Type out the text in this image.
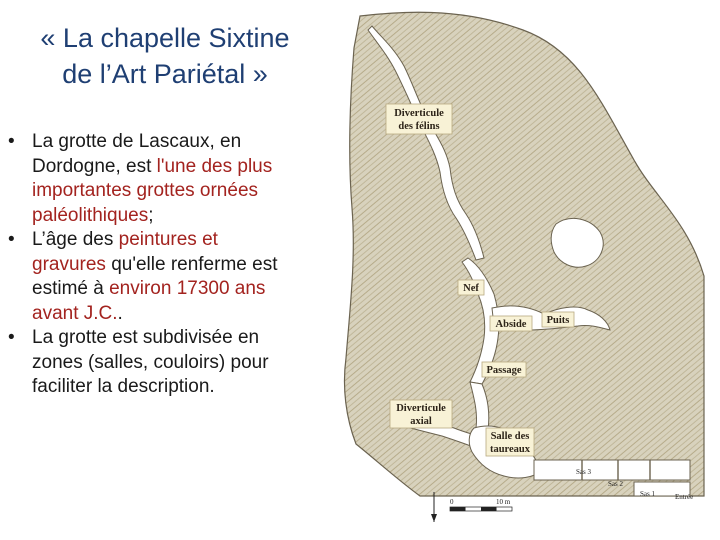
« La chapelle Sixtine
de l’Art Pariétal »
• La grotte de Lascaux, en
Dordogne, est l'une des plus
importantes grottes ornées
paléolithiques;
• L’âge des peintures et
gravures qu'elle renferme est
estimé à environ 17300 ans
avant J.C..
• La grotte est subdivisée en
zones (salles, couloirs) pour
faciliter la description.
Diverticule
des félins
Nef
Abside Puits
Passage
Diverticule
axial
Salle des
taureaux
Sas 3
Sas 2
Sas 1	Entrée
0	10 m
